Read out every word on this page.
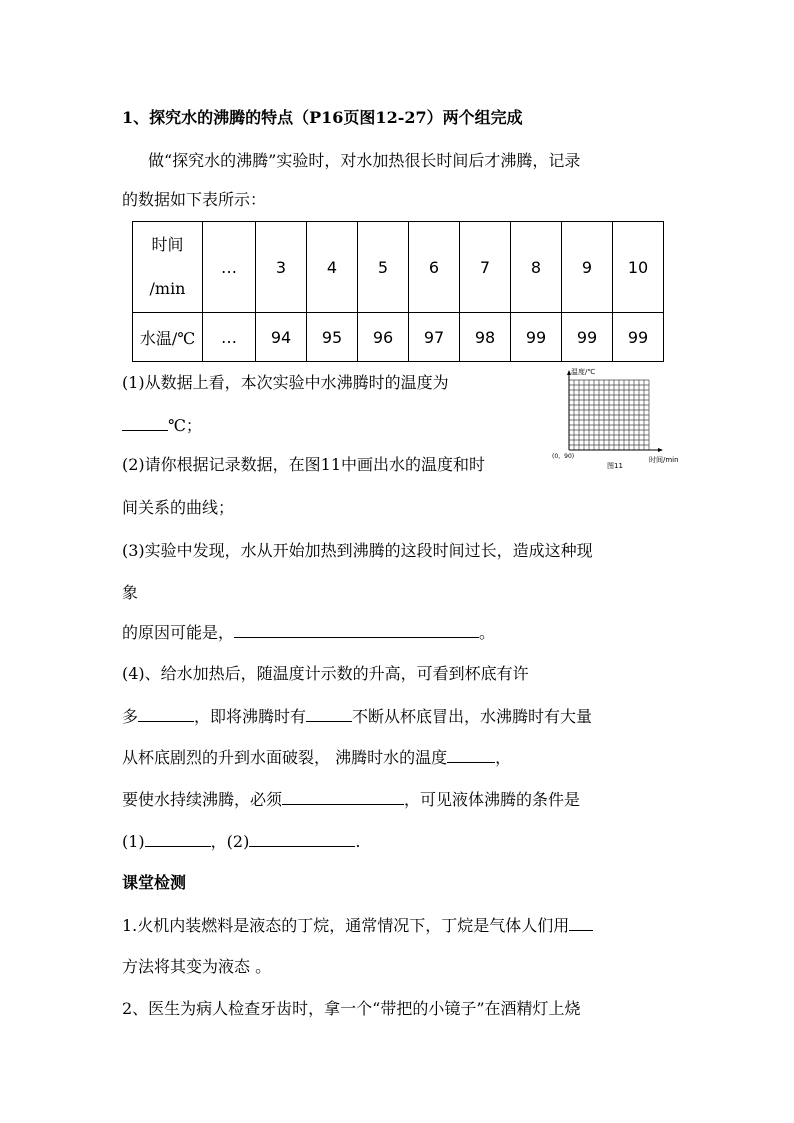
1、探究水的沸腾的特点（P16页图12-27）两个组完成
做“探究水的沸腾”实验时，对水加热很长时间后才沸腾，记录
的数据如下表所示：
时间
/min	…	3	4	5	6	7	8	9	10
水温/℃	…	94	95	96	97	98	99	99	99
(1)从数据上看，本次实验中水沸腾时的温度为
℃；
温度/℃
(0，90)	时间/min
图11
(2)请你根据记录数据，在图11中画出水的温度和时
间关系的曲线；
(3)实验中发现，水从开始加热到沸腾的这段时间过长，造成这种现
象
的原因可能是，	。
(4)、给水加热后，随温度计示数的升高，可看到杯底有许
多	，即将沸腾时有	不断从杯底冒出，水沸腾时有大量
从杯底剧烈的升到水面破裂， 沸腾时水的温度	，
要使水持续沸腾，必须	，可见液体沸腾的条件是
(1)	，(2)	.
课堂检测
1.火机内装燃料是液态的丁烷，通常情况下，丁烷是气体人们用
方法将其变为液态 。
2、医生为病人检查牙齿时，拿一个“带把的小镜子”在酒精灯上烧
